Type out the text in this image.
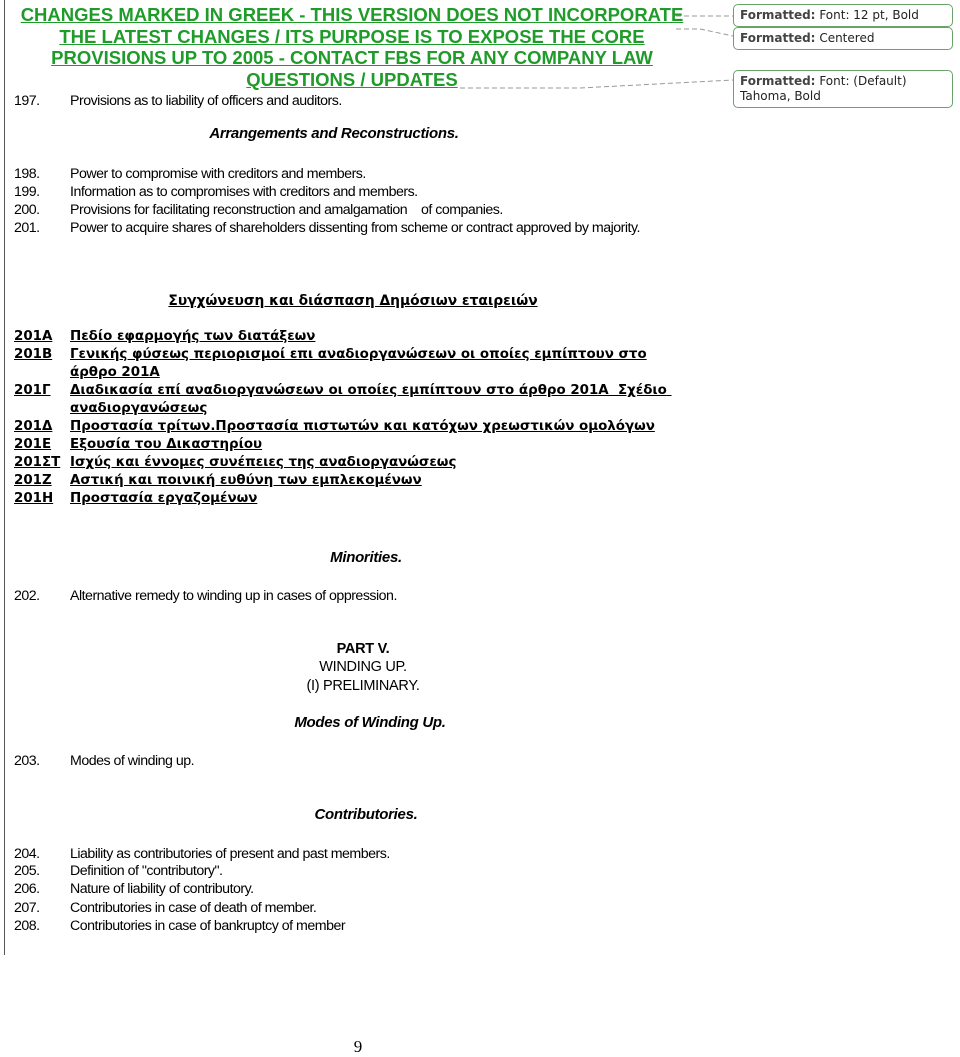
CHANGES MARKED IN GREEK - THIS VERSION DOES NOT INCORPORATE
THE LATEST CHANGES / ITS PURPOSE IS TO EXPOSE THE CORE
PROVISIONS UP TO 2005 - CONTACT FBS FOR ANY COMPANY LAW
QUESTIONS / UPDATES
Formatted: Font: 12 pt, Bold
Formatted: Centered
Formatted: Font: (Default) Tahoma, Bold
197. Provisions as to liability of officers and auditors.
Arrangements and Reconstructions.
198. Power to compromise with creditors and members.
199. Information as to compromises with creditors and members.
200. Provisions for facilitating reconstruction and amalgamation    of companies.
201. Power to acquire shares of shareholders dissenting from scheme or contract approved by majority.
Συγχώνευση και διάσπαση Δημόσιων εταιρειών
201Α Πεδίο εφαρμογής των διατάξεων
201Β Γενικής φύσεως περιορισμοί επι αναδιοργανώσεων οι οποίες εμπίπτουν στο άρθρο 201Α
201Γ Διαδικασία επί αναδιοργανώσεων οι οποίες εμπίπτουν στο άρθρο 201Α  Σχέδιο αναδιοργανώσεως
201Δ Προστασία τρίτων.Προστασία πιστωτών και κατόχων χρεωστικών ομολόγων
201Ε Εξουσία του Δικαστηρίου
201ΣΤ Ισχύς και έννομες συνέπειες της αναδιοργανώσεως
201Ζ Αστική και ποινική ευθύνη των εμπλεκομένων
201Η Προστασία εργαζομένων
Minorities.
202. Alternative remedy to winding up in cases of oppression.
PART V.
WINDING UP.
(I) PRELIMINARY.
Modes of Winding Up.
203. Modes of winding up.
Contributories.
204. Liability as contributories of present and past members.
205. Definition of "contributory".
206. Nature of liability of contributory.
207. Contributories in case of death of member.
208. Contributories in case of bankruptcy of member
9
